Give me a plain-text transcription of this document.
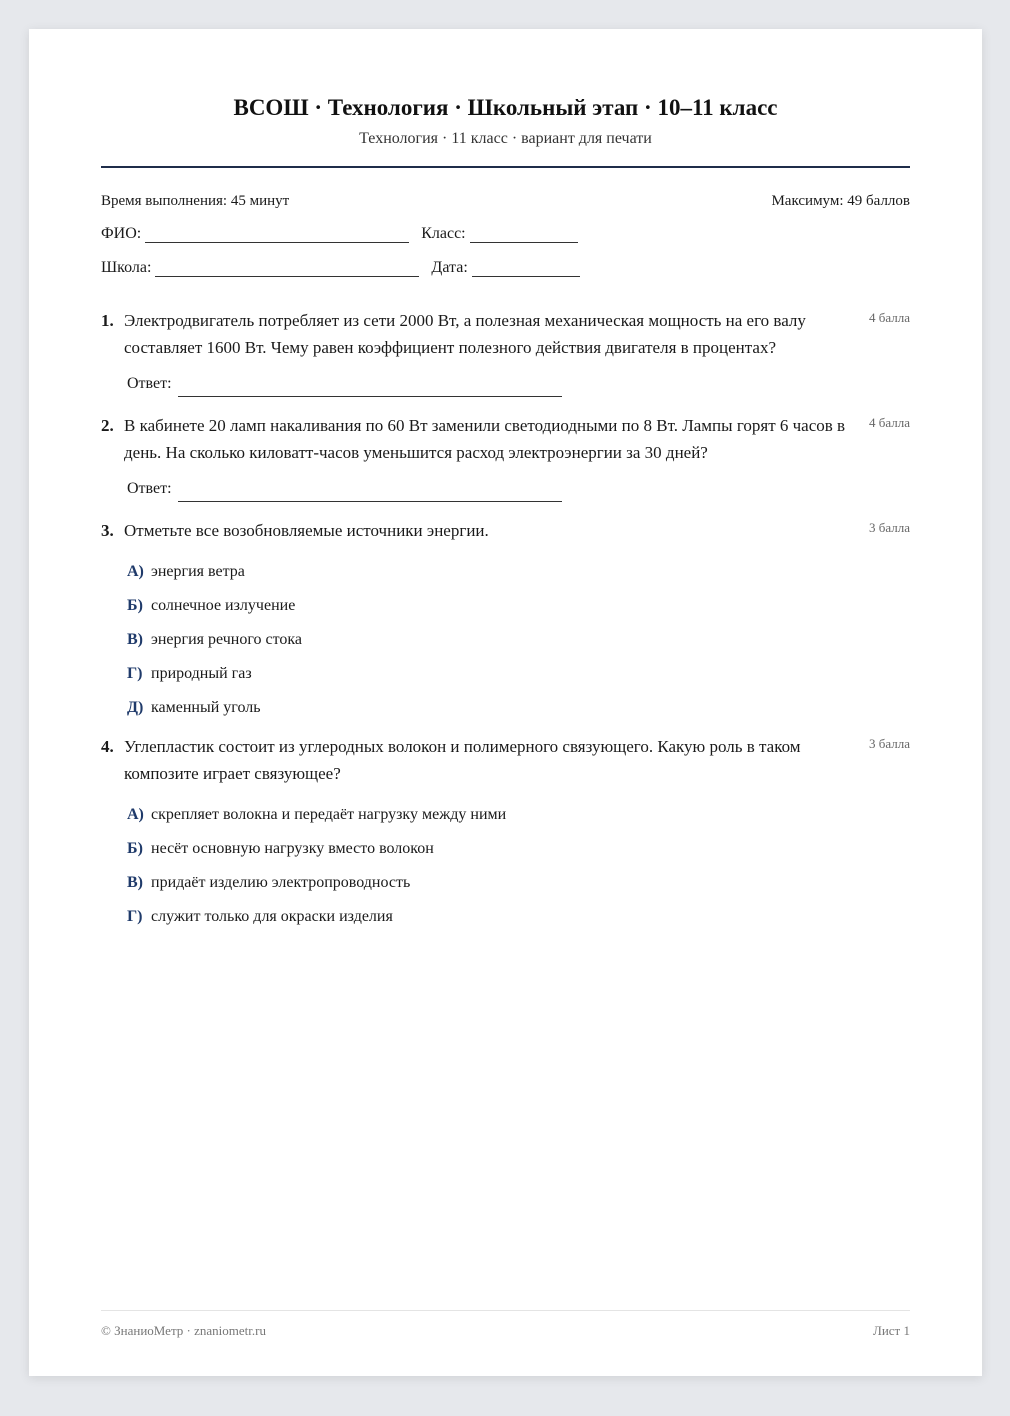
ВСОШ · Технология · Школьный этап · 10–11 класс
Технология · 11 класс · вариант для печати
Время выполнения: 45 минут	Максимум: 49 баллов
ФИО:	Класс:
Школа:	Дата:
1. Электродвигатель потребляет из сети 2000 Вт, а полезная механическая мощность на его валу составляет 1600 Вт. Чему равен коэффициент полезного действия двигателя в процентах?
4 балла
Ответ:
2. В кабинете 20 ламп накаливания по 60 Вт заменили светодиодными по 8 Вт. Лампы горят 6 часов в день. На сколько киловатт-часов уменьшится расход электроэнергии за 30 дней?
4 балла
Ответ:
3. Отметьте все возобновляемые источники энергии.	3 балла
А) энергия ветра
Б) солнечное излучение
В) энергия речного стока
Г) природный газ
Д) каменный уголь
4. Углепластик состоит из углеродных волокон и полимерного связующего. Какую роль в таком композите играет связующее?
3 балла
А) скрепляет волокна и передаёт нагрузку между ними
Б) несёт основную нагрузку вместо волокон
В) придаёт изделию электропроводность
Г) служит только для окраски изделия
© ЗнаниоМетр · znaniometr.ru	Лист 1
